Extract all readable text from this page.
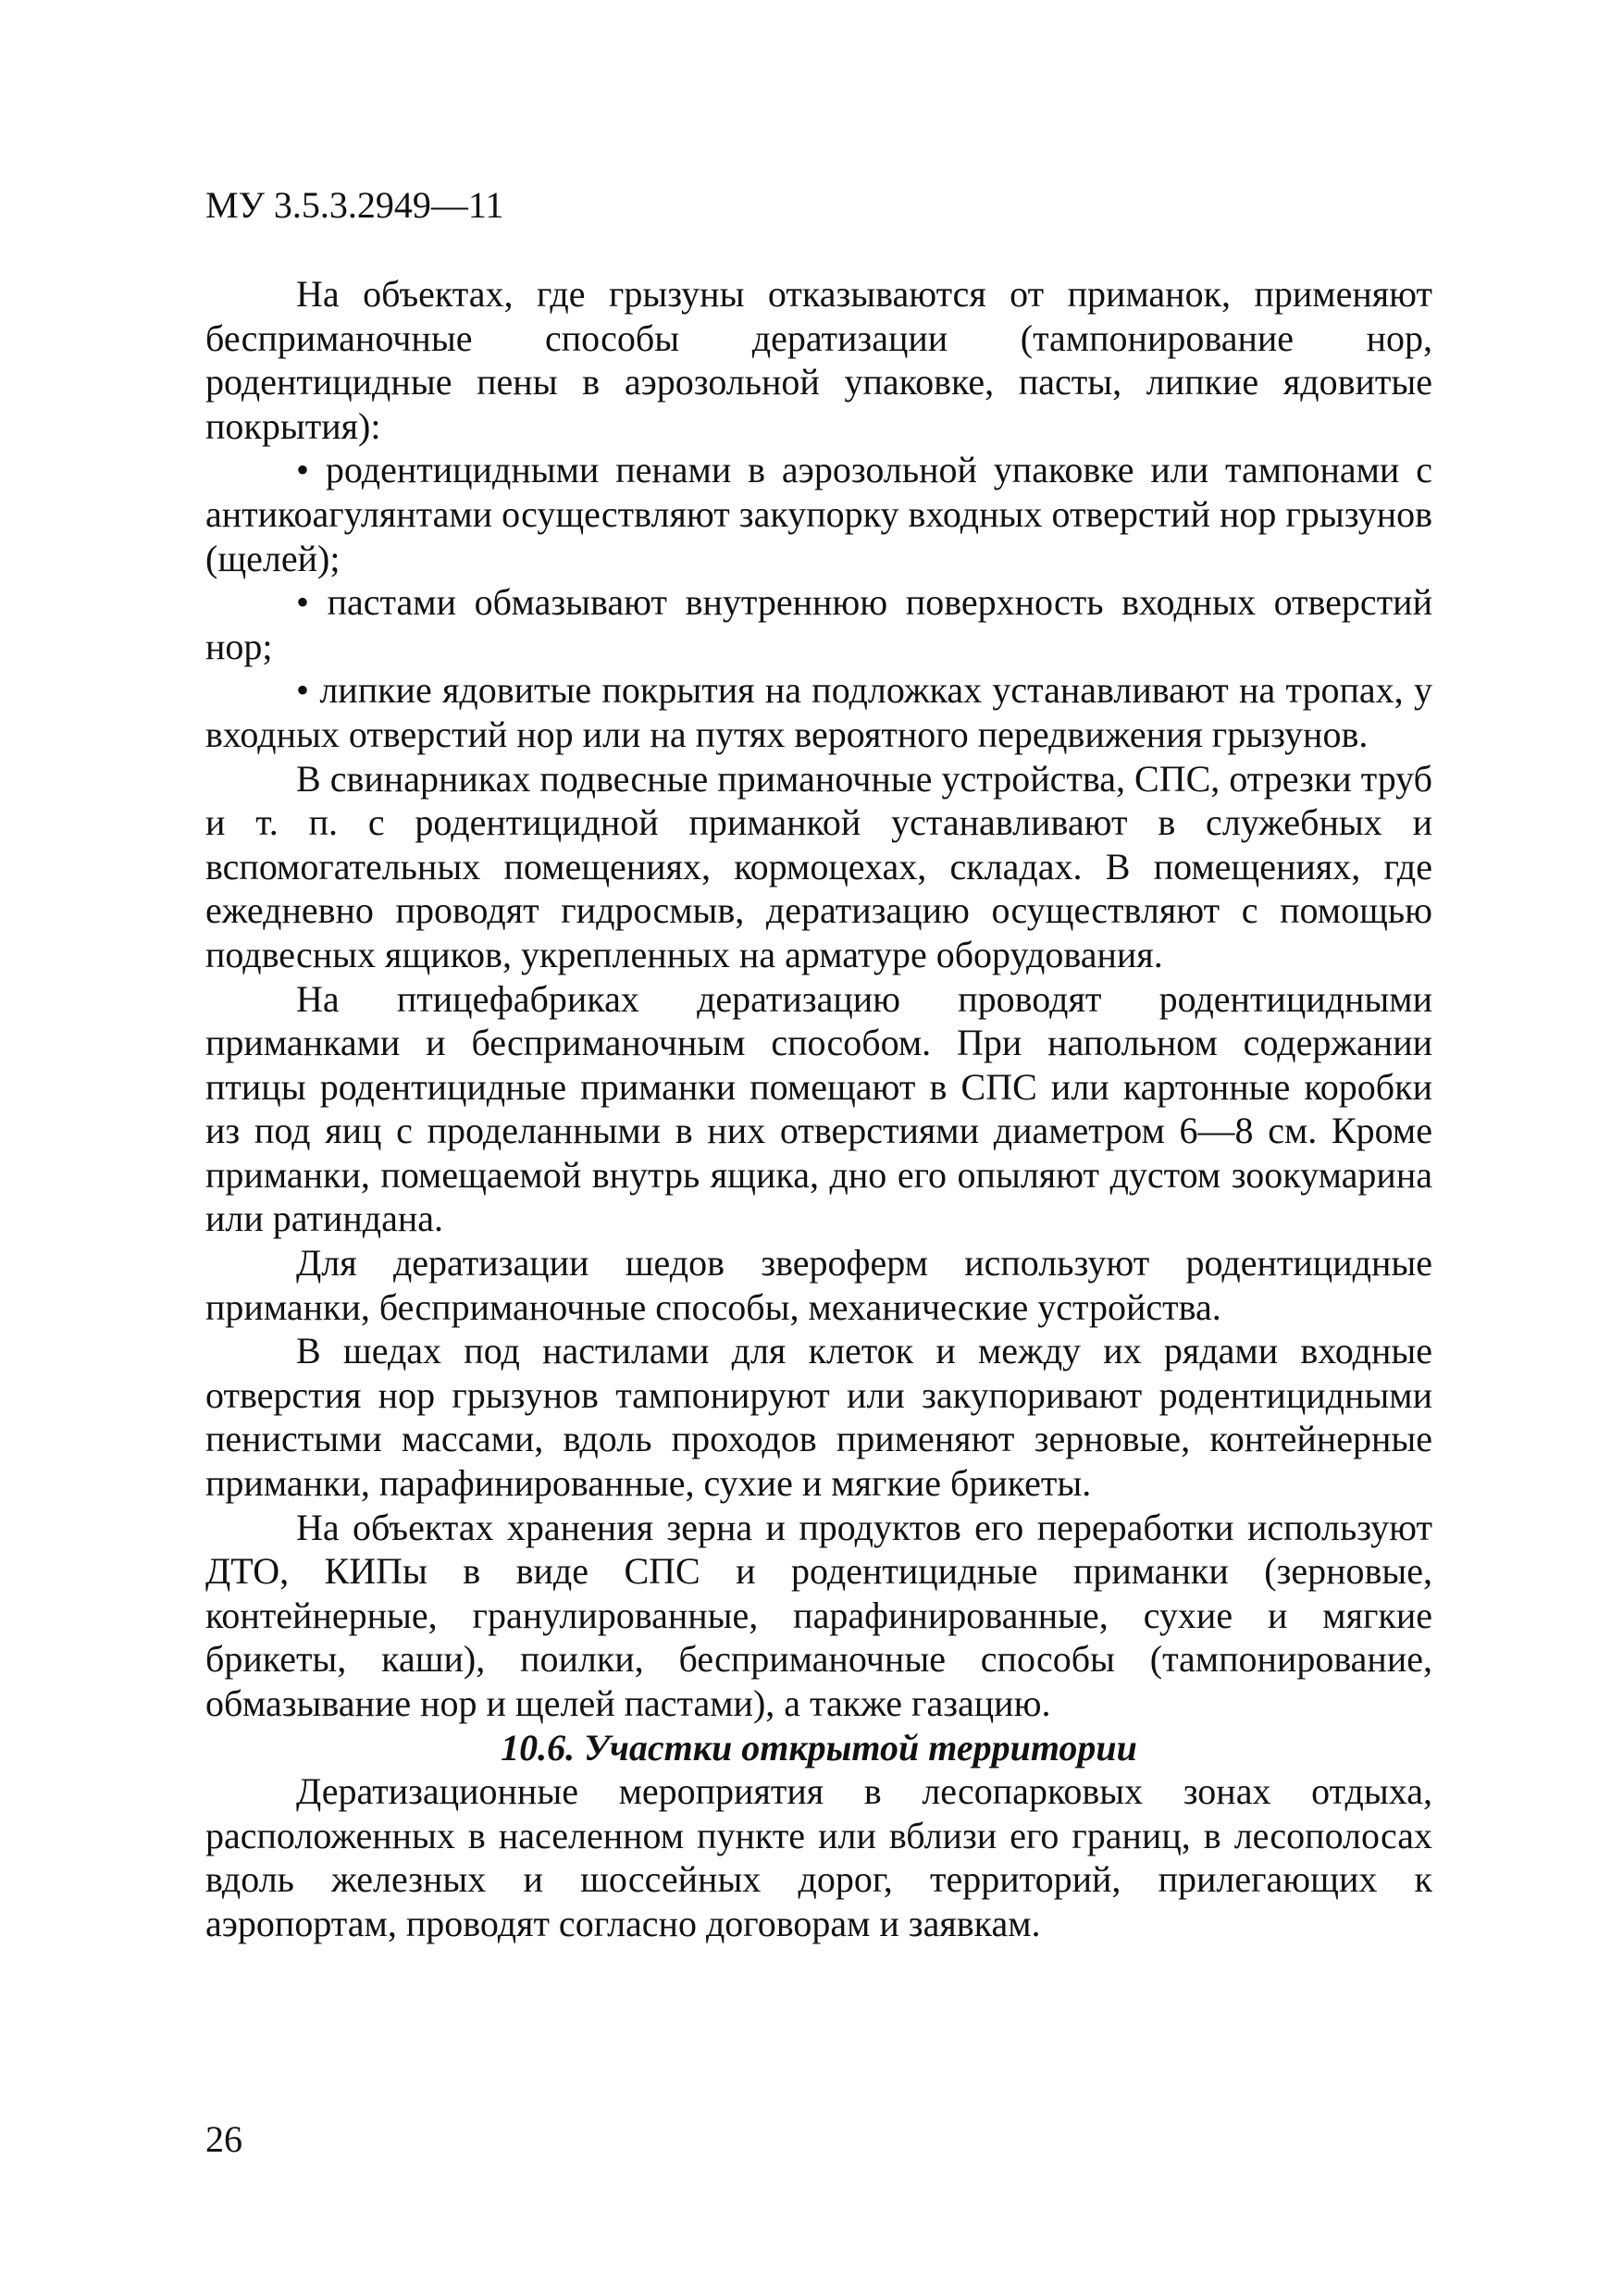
МУ 3.5.3.2949—11

На объектах, где грызуны отказываются от приманок, применяют бесприманочные способы дератизации (тампонирование нор, родентицидные пены в аэрозольной упаковке, пасты, липкие ядовитые покрытия):

• родентицидными пенами в аэрозольной упаковке или тампонами с антикоагулянтами осуществляют закупорку входных отверстий нор грызунов (щелей);

• пастами обмазывают внутреннюю поверхность входных отверстий нор;

• липкие ядовитые покрытия на подложках устанавливают на тропах, у входных отверстий нор или на путях вероятного передвижения грызунов.

В свинарниках подвесные приманочные устройства, СПС, отрезки труб и т. п. с родентицидной приманкой устанавливают в служебных и вспомогательных помещениях, кормоцехах, складах. В помещениях, где ежедневно проводят гидросмыв, дератизацию осуществляют с помощью подвесных ящиков, укрепленных на арматуре оборудования.

На птицефабриках дератизацию проводят родентицидными приманками и бесприманочным способом. При напольном содержании птицы родентицидные приманки помещают в СПС или картонные коробки из под яиц с проделанными в них отверстиями диаметром 6—8 см. Кроме приманки, помещаемой внутрь ящика, дно его опыляют дустом зоокумарина или ратиндана.

Для дератизации шедов звероферм используют родентицидные приманки, бесприманочные способы, механические устройства.

В шедах под настилами для клеток и между их рядами входные отверстия нор грызунов тампонируют или закупоривают родентицидными пенистыми массами, вдоль проходов применяют зерновые, контейнерные приманки, парафинированные, сухие и мягкие брикеты.

На объектах хранения зерна и продуктов его переработки используют ДТО, КИПы в виде СПС и родентицидные приманки (зерновые, контейнерные, гранулированные, парафинированные, сухие и мягкие брикеты, каши), поилки, бесприманочные способы (тампонирование, обмазывание нор и щелей пастами), а также газацию.

10.6. Участки открытой территории

Дератизационные мероприятия в лесопарковых зонах отдыха, расположенных в населенном пункте или вблизи его границ, в лесополосах вдоль железных и шоссейных дорог, территорий, прилегающих к аэропортам, проводят согласно договорам и заявкам.

26
